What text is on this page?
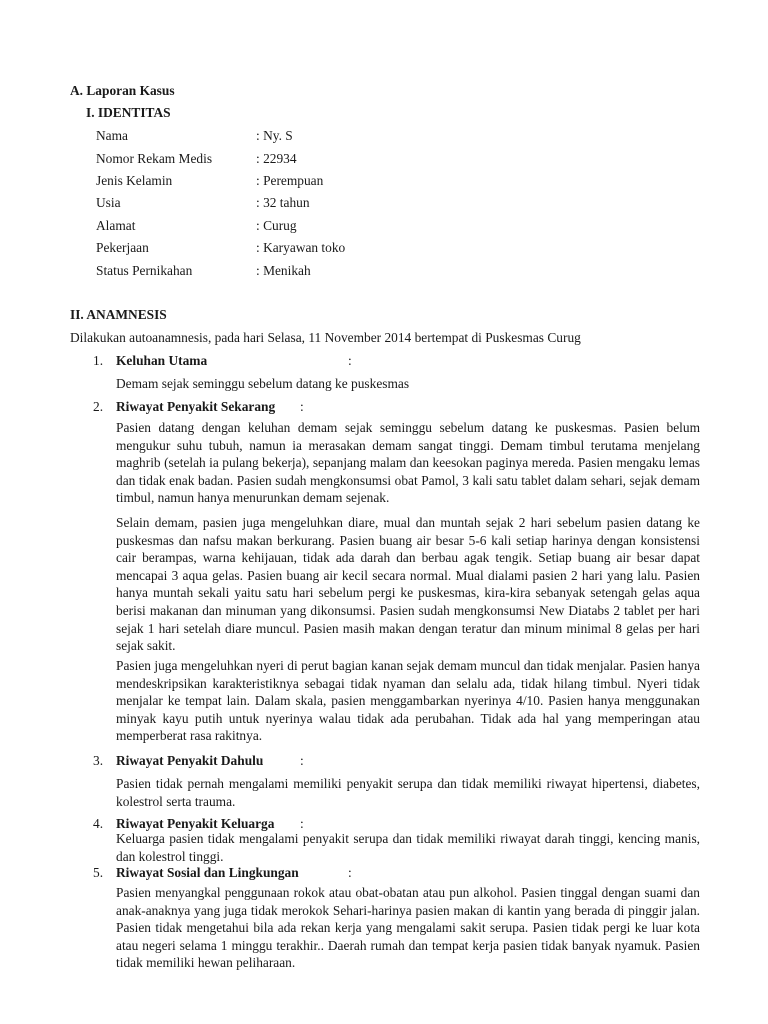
A. Laporan Kasus
I. IDENTITAS
Nama	: Ny. S
Nomor Rekam Medis	: 22934
Jenis Kelamin	: Perempuan
Usia	: 32 tahun
Alamat	: Curug
Pekerjaan	: Karyawan toko
Status Pernikahan	: Menikah
II. ANAMNESIS
Dilakukan autoanamnesis, pada hari Selasa, 11 November 2014 bertempat di Puskesmas Curug
1. Keluhan Utama	:
Demam sejak seminggu sebelum datang ke puskesmas
2. Riwayat Penyakit Sekarang :
Pasien datang dengan keluhan demam sejak seminggu sebelum datang ke puskesmas. Pasien belum mengukur suhu tubuh, namun ia merasakan demam sangat tinggi. Demam timbul terutama menjelang maghrib (setelah ia pulang bekerja), sepanjang malam dan keesokan paginya mereda. Pasien mengaku lemas dan tidak enak badan. Pasien sudah mengkonsumsi obat Pamol, 3 kali satu tablet dalam sehari, sejak demam timbul, namun hanya menurunkan demam sejenak.
Selain demam, pasien juga mengeluhkan diare, mual dan muntah sejak 2 hari sebelum pasien datang ke puskesmas dan nafsu makan berkurang. Pasien buang air besar 5-6 kali setiap harinya dengan konsistensi cair berampas, warna kehijauan, tidak ada darah dan berbau agak tengik. Setiap buang air besar dapat mencapai 3 aqua gelas. Pasien buang air kecil secara normal. Mual dialami pasien 2 hari yang lalu. Pasien hanya muntah sekali yaitu satu hari sebelum pergi ke puskesmas, kira-kira sebanyak setengah gelas aqua berisi makanan dan minuman yang dikonsumsi. Pasien sudah mengkonsumsi New Diatabs 2 tablet per hari sejak 1 hari setelah diare muncul. Pasien masih makan dengan teratur dan minum minimal 8 gelas per hari sejak sakit.
Pasien juga mengeluhkan nyeri di perut bagian kanan sejak demam muncul dan tidak menjalar. Pasien hanya mendeskripsikan karakteristiknya sebagai tidak nyaman dan selalu ada, tidak hilang timbul. Nyeri tidak menjalar ke tempat lain. Dalam skala, pasien menggambarkan nyerinya 4/10. Pasien hanya menggunakan minyak kayu putih untuk nyerinya walau tidak ada perubahan. Tidak ada hal yang memperingan atau memperberat rasa rakitnya.
3. Riwayat Penyakit Dahulu	:
Pasien tidak pernah mengalami memiliki penyakit serupa dan tidak memiliki riwayat hipertensi, diabetes, kolestrol serta trauma.
4. Riwayat Penyakit Keluarga :
Keluarga pasien tidak mengalami penyakit serupa dan tidak memiliki riwayat darah tinggi, kencing manis, dan kolestrol tinggi.
5. Riwayat Sosial dan Lingkungan	:
Pasien menyangkal penggunaan rokok atau obat-obatan atau pun alkohol. Pasien tinggal dengan suami dan anak-anaknya yang juga tidak merokok Sehari-harinya pasien makan di kantin yang berada di pinggir jalan. Pasien tidak mengetahui bila ada rekan kerja yang mengalami sakit serupa. Pasien tidak pergi ke luar kota atau negeri selama 1 minggu terakhir.. Daerah rumah dan tempat kerja pasien tidak banyak nyamuk. Pasien tidak memiliki hewan peliharaan.
